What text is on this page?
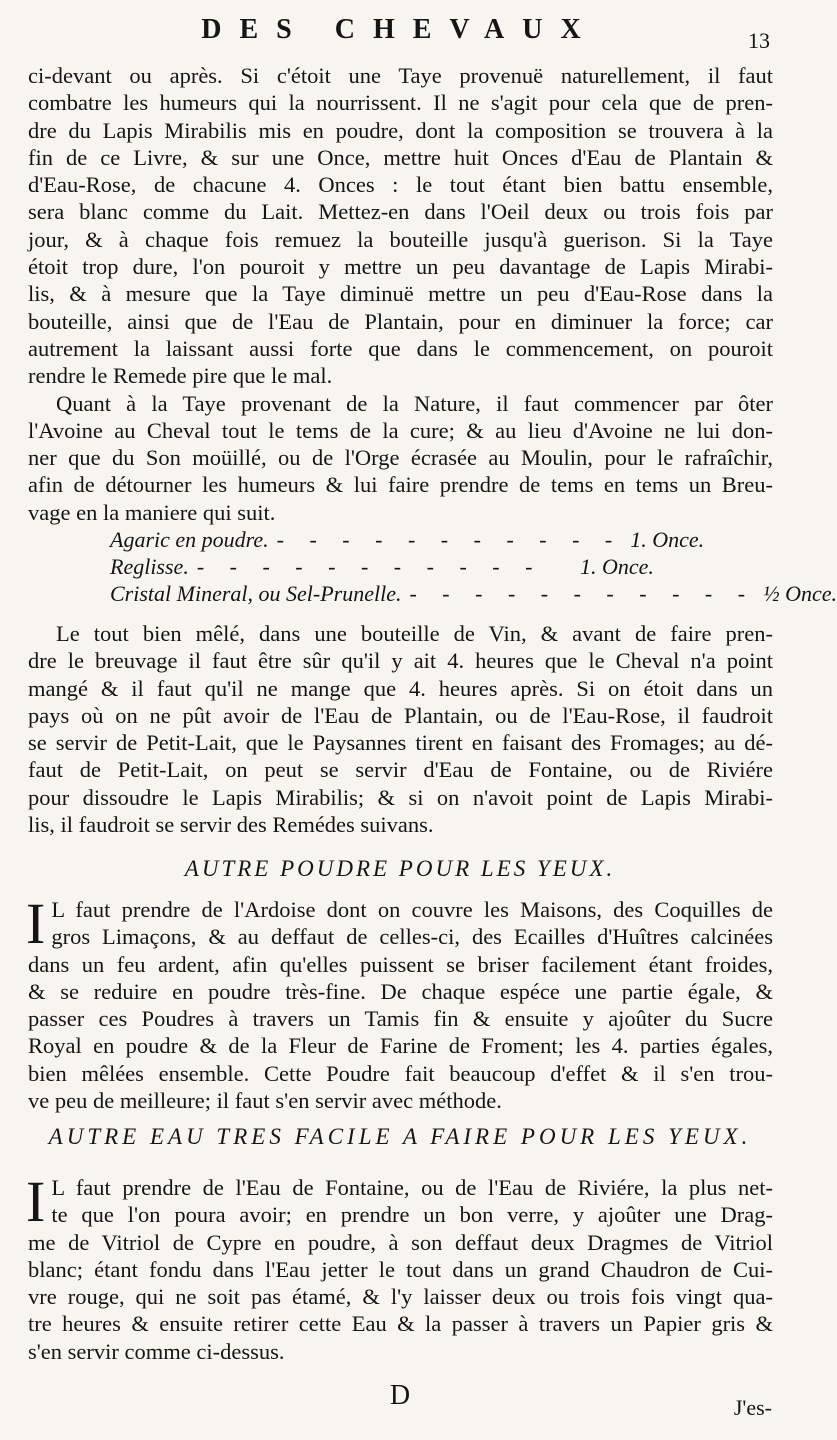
DES CHEVAUX	13
ci-devant ou après. Si c'étoit une Taye provenuë naturellement, il faut
combatre les humeurs qui la nourrissent. Il ne s'agit pour cela que de pren-
dre du Lapis Mirabilis mis en poudre, dont la composition se trouvera à la
fin de ce Livre, & sur une Once, mettre huit Onces d'Eau de Plantain &
d'Eau-Rose, de chacune 4. Onces : le tout étant bien battu ensemble,
sera blanc comme du Lait. Mettez-en dans l'Oeil deux ou trois fois par
jour, & à chaque fois remuez la bouteille jusqu'à guerison. Si la Taye
étoit trop dure, l'on pouroit y mettre un peu davantage de Lapis Mirabi-
lis, & à mesure que la Taye diminuë mettre un peu d'Eau-Rose dans la
bouteille, ainsi que de l'Eau de Plantain, pour en diminuer la force; car
autrement la laissant aussi forte que dans le commencement, on pouroit
rendre le Remede pire que le mal.
Quant à la Taye provenant de la Nature, il faut commencer par ôter
l'Avoine au Cheval tout le tems de la cure; & au lieu d'Avoine ne lui don-
ner que du Son moüillé, ou de l'Orge écrasée au Moulin, pour le rafraîchir,
afin de détourner les humeurs & lui faire prendre de tems en tems un Breu-
vage en la maniere qui suit.
Agaric en poudre. - - - - - - - - - - - 1. Once.
Reglisse. - - - - - - - - - - -	1. Once.
Cristal Mineral, ou Sel-Prunelle. - - - - - - - - - - - ½ Once.
Le tout bien mêlé, dans une bouteille de Vin, & avant de faire pren-
dre le breuvage il faut être sûr qu'il y ait 4. heures que le Cheval n'a point
mangé & il faut qu'il ne mange que 4. heures après. Si on étoit dans un
pays où on ne pût avoir de l'Eau de Plantain, ou de l'Eau-Rose, il faudroit
se servir de Petit-Lait, que le Paysannes tirent en faisant des Fromages; au dé-
faut de Petit-Lait, on peut se servir d'Eau de Fontaine, ou de Riviére
pour dissoudre le Lapis Mirabilis; & si on n'avoit point de Lapis Mirabi-
lis, il faudroit se servir des Remédes suivans.
AUTRE POUDRE POUR LES YEUX.
I L faut prendre de l'Ardoise dont on couvre les Maisons, des Coquilles de
gros Limaçons, & au deffaut de celles-ci, des Ecailles d'Huîtres calcinées
dans un feu ardent, afin qu'elles puissent se briser facilement étant froides,
& se reduire en poudre très-fine. De chaque espéce une partie égale, &
passer ces Poudres à travers un Tamis fin & ensuite y ajoûter du Sucre
Royal en poudre & de la Fleur de Farine de Froment; les 4. parties égales,
bien mêlées ensemble. Cette Poudre fait beaucoup d'effet & il s'en trou-
ve peu de meilleure; il faut s'en servir avec méthode.
AUTRE EAU TRES FACILE A FAIRE POUR LES YEUX.
I L faut prendre de l'Eau de Fontaine, ou de l'Eau de Riviére, la plus net-
te que l'on poura avoir; en prendre un bon verre, y ajoûter une Drag-
me de Vitriol de Cypre en poudre, à son deffaut deux Dragmes de Vitriol
blanc; étant fondu dans l'Eau jetter le tout dans un grand Chaudron de Cui-
vre rouge, qui ne soit pas étamé, & l'y laisser deux ou trois fois vingt qua-
tre heures & ensuite retirer cette Eau & la passer à travers un Papier gris &
s'en servir comme ci-dessus.
D	J'es-
